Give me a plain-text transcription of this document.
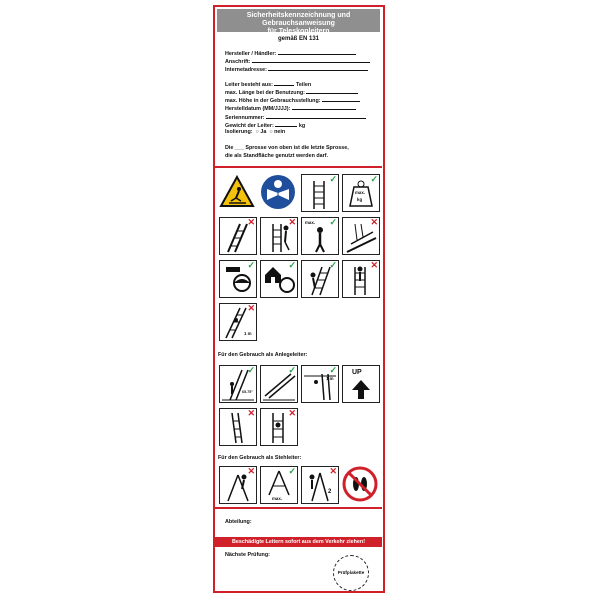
Sicherheitskennzeichnung und Gebrauchsanweisung
für Teleskopleitern
gemäß EN 131
Hersteller / Händler:
Anschrift:
Internetadresse:
Leiter besteht aus:	Teilen
max. Länge bei der Benutzung:
max. Höhe in der Gebrauchsstellung:
Herstelldatum (MM/JJJJ):
Seriennummer:
Gewicht der Leiter:	kg
Isolierung: ○ Ja ○ nein
Die ___ Sprosse von oben ist die letzte Sprosse,
die als Standfläche genutzt werden darf.
✓
max.
kg
✓
✕	✕ max. ✓	✕
✓	✓	✓	✕
1 m
✕
Für den Gebrauch als Anlegeleiter:
65-75°
✓	✓
1 m
✓ UP
✕	✕
Für den Gebrauch als Stehleiter:
✕
max.
✓
2
✕
Abteilung:
Beschädigte Leitern sofort aus dem Verkehr ziehen!
Nächste Prüfung:
Prüfplakette
